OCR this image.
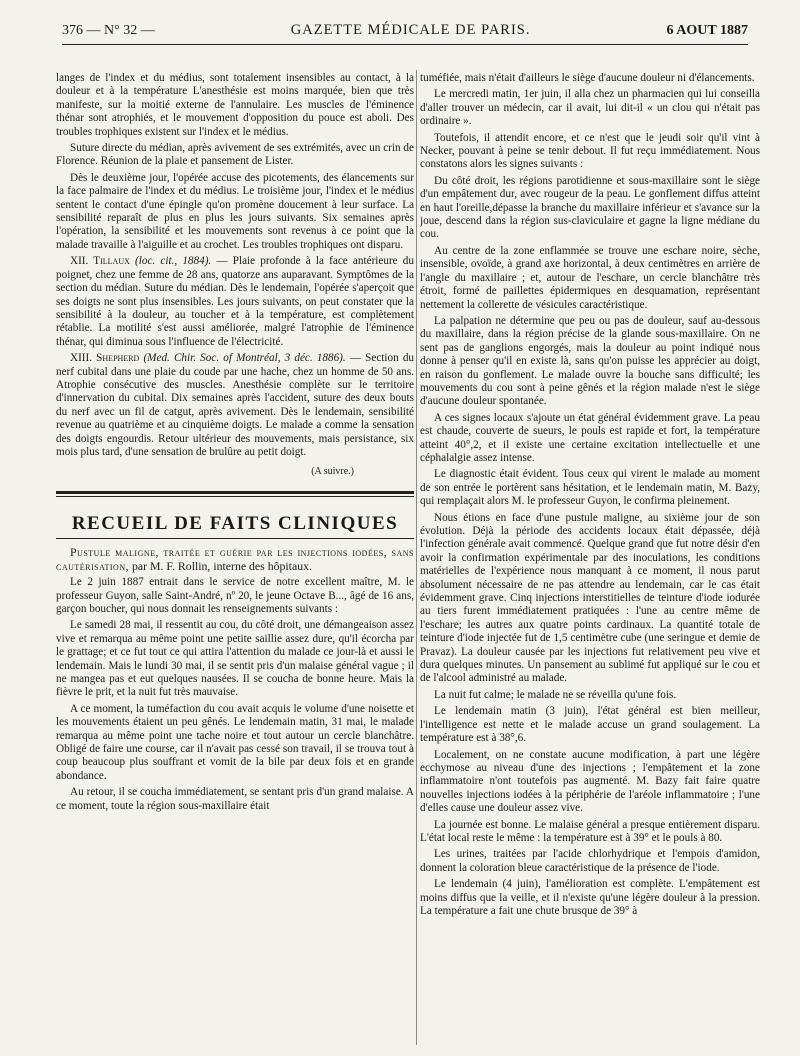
376 — N° 32 —	GAZETTE MÉDICALE DE PARIS.	6 AOUT 1887

langes de l'index et du médius, sont totalement insensibles au contact, à la douleur et à la température L'anesthésie est moins marquée, bien que très manifeste, sur la moitié externe de l'annulaire. Les muscles de l'éminence thénar sont atrophiés, et le mouvement d'opposition du pouce est aboli. Des troubles trophiques existent sur l'index et le médius.

Suture directe du médian, après avivement de ses extrémités, avec un crin de Florence. Réunion de la plaie et pansement de Lister.

Dès le deuxième jour, l'opérée accuse des picotements, des élancements sur la face palmaire de l'index et du médius. Le troisième jour, l'index et le médius sentent le contact d'une épingle qu'on promène doucement à leur surface. La sensibilité reparaît de plus en plus les jours suivants. Six semaines après l'opération, la sensibilité et les mouvements sont revenus à ce point que la malade travaille à l'aiguille et au crochet. Les troubles trophiques ont disparu.

XII. Tillaux (loc. cit., 1884). — Plaie profonde à la face antérieure du poignet, chez une femme de 28 ans, quatorze ans auparavant. Symptômes de la section du médian. Suture du médian. Dès le lendemain, l'opérée s'aperçoit que ses doigts ne sont plus insensibles. Les jours suivants, on peut constater que la sensibilité à la douleur, au toucher et à la température, est complètement rétablie. La motilité s'est aussi améliorée, malgré l'atrophie de l'éminence thénar, qui diminua sous l'influence de l'électricité.

XIII. Shepherd (Med. Chir. Soc. of Montréal, 3 déc. 1886). — Section du nerf cubital dans une plaie du coude par une hache, chez un homme de 50 ans. Atrophie consécutive des muscles. Anesthésie complète sur le territoire d'innervation du cubital. Dix semaines après l'accident, suture des deux bouts du nerf avec un fil de catgut, après avivement. Dès le lendemain, sensibilité revenue au quatrième et au cinquième doigts. Le malade a comme la sensation des doigts engourdis. Retour ultérieur des mouvements, mais persistance, six mois plus tard, d'une sensation de brulûre au petit doigt.

(A suivre.)
RECUEIL DE FAITS CLINIQUES

Pustule maligne, traitée et guérie par les injections iodées, sans cautérisation, par M. F. Rollin, interne des hôpitaux.

Le 2 juin 1887 entrait dans le service de notre excellent maître, M. le professeur Guyon, salle Saint-André, nº 20, le jeune Octave B..., âgé de 16 ans, garçon boucher, qui nous donnait les renseignements suivants :

Le samedi 28 mai, il ressentit au cou, du côté droit, une démangeaison assez vive et remarqua au même point une petite saillie assez dure, qu'il écorcha par le grattage; et ce fut tout ce qui attira l'attention du malade ce jour-là et aussi le lendemain. Mais le lundi 30 mai, il se sentit pris d'un malaise général vague ; il ne mangea pas et eut quelques nausées. Il se coucha de bonne heure. Mais la fièvre le prit, et la nuit fut très mauvaise.

A ce moment, la tuméfaction du cou avait acquis le volume d'une noisette et les mouvements étaient un peu gênés. Le lendemain matin, 31 mai, le malade remarqua au même point une tache noire et tout autour un cercle blanchâtre. Obligé de faire une course, car il n'avait pas cessé son travail, il se trouva tout à coup beaucoup plus souffrant et vomit de la bile par deux fois et en grande abondance.

Au retour, il se coucha immédiatement, se sentant pris d'un grand malaise. A ce moment, toute la région sous-maxillaire était

tuméfiée, mais n'était d'ailleurs le siège d'aucune douleur ni d'élancements.

Le mercredi matin, 1er juin, il alla chez un pharmacien qui lui conseilla d'aller trouver un médecin, car il avait, lui dit-il « un clou qui n'était pas ordinaire ».

Toutefois, il attendit encore, et ce n'est que le jeudi soir qu'il vint à Necker, pouvant à peine se tenir debout. Il fut reçu immédiatement. Nous constatons alors les signes suivants :

Du côté droit, les régions parotidienne et sous-maxillaire sont le siège d'un empâtement dur, avec rougeur de la peau. Le gonflement diffus atteint en haut l'oreille,dépasse la branche du maxillaire inférieur et s'avance sur la joue, descend dans la région sus-claviculaire et gagne la ligne médiane du cou.

Au centre de la zone enflammée se trouve une eschare noire, sèche, insensible, ovoïde, à grand axe horizontal, à deux centimètres en arrière de l'angle du maxillaire ; et, autour de l'eschare, un cercle blanchâtre très étroit, formé de paillettes épidermiques en desquamation, représentant nettement la collerette de vésicules caractéristique.

La palpation ne détermine que peu ou pas de douleur, sauf au-dessous du maxillaire, dans la région précise de la glande sous-maxillaire. On ne sent pas de ganglions engorgés, mais la douleur au point indiqué nous donne à penser qu'il en existe là, sans qu'on puisse les apprécier au doigt, en raison du gonflement. Le malade ouvre la bouche sans difficulté; les mouvements du cou sont à peine gênés et la région malade n'est le siège d'aucune douleur spontanée.

A ces signes locaux s'ajoute un état général évidemment grave. La peau est chaude, couverte de sueurs, le pouls est rapide et fort, la température atteint 40°,2, et il existe une certaine excitation intellectuelle et une céphalalgie assez intense.

Le diagnostic était évident. Tous ceux qui virent le malade au moment de son entrée le portèrent sans hésitation, et le lendemain matin, M. Bazy, qui remplaçait alors M. le professeur Guyon, le confirma pleinement.

Nous étions en face d'une pustule maligne, au sixième jour de son évolution. Déjà la période des accidents locaux était dépassée, déjà l'infection générale avait commencé. Quelque grand que fut notre désir d'en avoir la confirmation expérimentale par des inoculations, les conditions matérielles de l'expérience nous manquant à ce moment, il nous parut absolument nécessaire de ne pas attendre au lendemain, car le cas était évidemment grave. Cinq injections interstitielles de teinture d'iode iodurée au tiers furent immédiatement pratiquées : l'une au centre même de l'eschare; les autres aux quatre points cardinaux. La quantité totale de teinture d'iode injectée fut de 1,5 centimètre cube (une seringue et demie de Pravaz). La douleur causée par les injections fut relativement peu vive et dura quelques minutes. Un pansement au sublimé fut appliqué sur le cou et de l'alcool administré au malade.

La nuit fut calme; le malade ne se réveilla qu'une fois.

Le lendemain matin (3 juin), l'état général est bien meilleur, l'intelligence est nette et le malade accuse un grand soulagement. La température est à 38°,6.

Localement, on ne constate aucune modification, à part une légère ecchymose au niveau d'une des injections ; l'empâtement et la zone inflammatoire n'ont toutefois pas augmenté. M. Bazy fait faire quatre nouvelles injections iodées à la périphérie de l'aréole inflammatoire ; l'une d'elles cause une douleur assez vive.

La journée est bonne. Le malaise général a presque entièrement disparu. L'état local reste le même : la température est à 39° et le pouls à 80.

Les urines, traitées par l'acide chlorhydrique et l'empois d'amidon, donnent la coloration bleue caractéristique de la présence de l'iode.

Le lendemain (4 juin), l'amélioration est complète. L'empâtement est moins diffus que la veille, et il n'existe qu'une légère douleur à la pression. La température a fait une chute brusque de 39° à
